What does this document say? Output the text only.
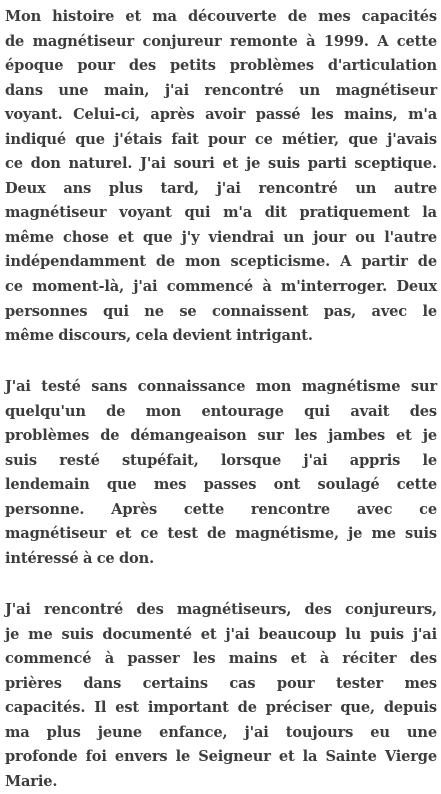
Mon histoire et ma découverte de mes capacités
de magnétiseur conjureur remonte à 1999. A cette
époque pour des petits problèmes d'articulation
dans une main, j'ai rencontré un magnétiseur
voyant. Celui-ci, après avoir passé les mains, m'a
indiqué que j'étais fait pour ce métier, que j'avais
ce don naturel. J'ai souri et je suis parti sceptique.
Deux ans plus tard, j'ai rencontré un autre
magnétiseur voyant qui m'a dit pratiquement la
même chose et que j'y viendrai un jour ou l'autre
indépendamment de mon scepticisme. A partir de
ce moment-là, j'ai commencé à m'interroger. Deux
personnes qui ne se connaissent pas, avec le
même discours, cela devient intrigant.
J'ai testé sans connaissance mon magnétisme sur
quelqu'un de mon entourage qui avait des
problèmes de démangeaison sur les jambes et je
suis resté stupéfait, lorsque j'ai appris le
lendemain que mes passes ont soulagé cette
personne. Après cette rencontre avec ce
magnétiseur et ce test de magnétisme, je me suis
intéressé à ce don.
J'ai rencontré des magnétiseurs, des conjureurs,
je me suis documenté et j'ai beaucoup lu puis j'ai
commencé à passer les mains et à réciter des
prières dans certains cas pour tester mes
capacités. Il est important de préciser que, depuis
ma plus jeune enfance, j'ai toujours eu une
profonde foi envers le Seigneur et la Sainte Vierge
Marie.
